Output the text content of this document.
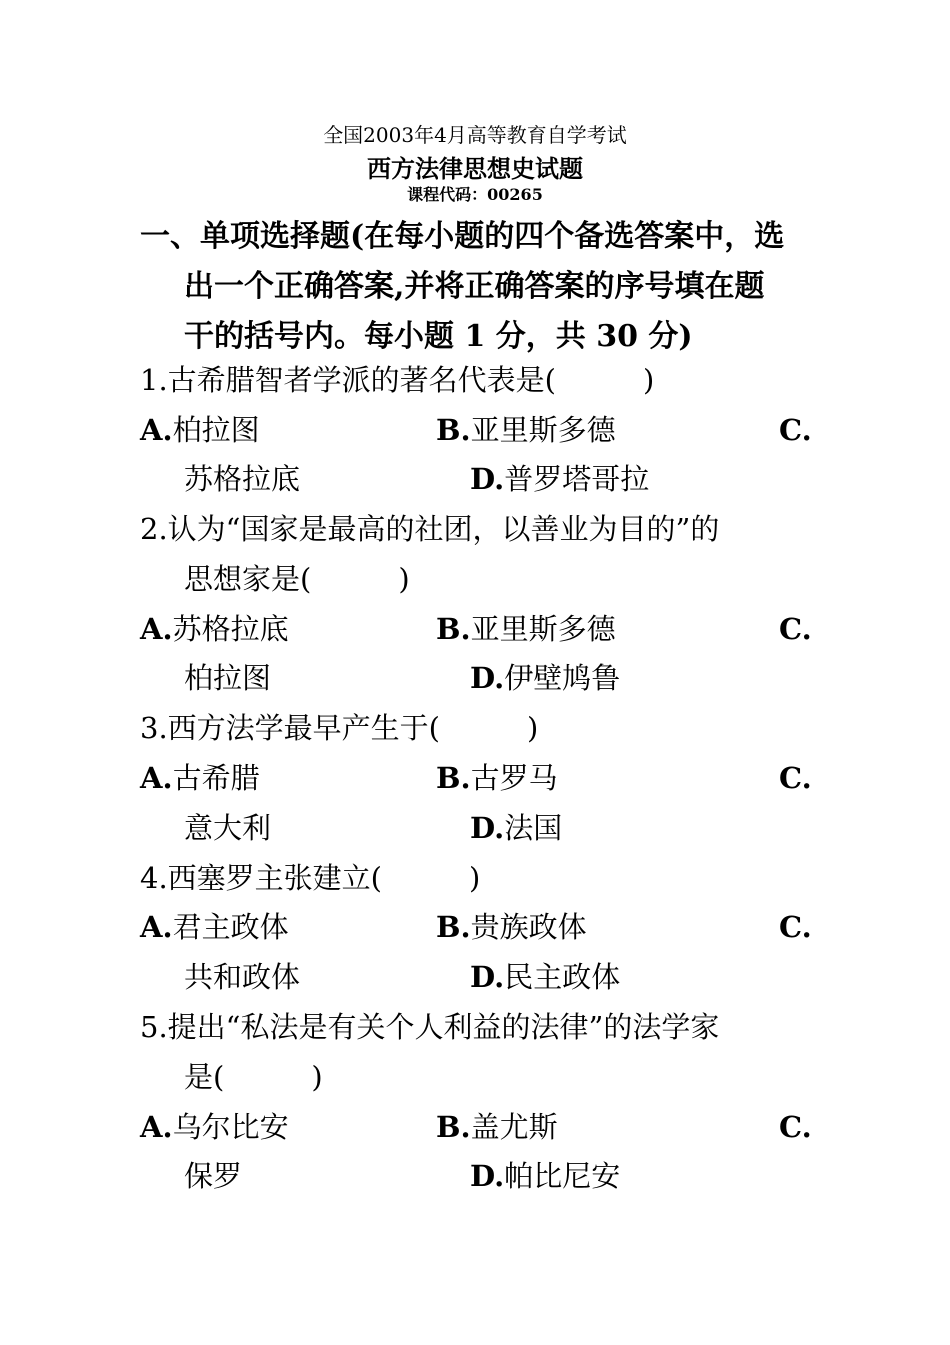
全国2003年4月高等教育自学考试
西方法律思想史试题
课程代码：00265
一、单项选择题(在每小题的四个备选答案中，选
出一个正确答案,并将正确答案的序号填在题
干的括号内。每小题 1 分，共 30 分)
1.古希腊智者学派的著名代表是(　　　)
A.柏拉图	B.亚里斯多德	C.
苏格拉底	D.普罗塔哥拉
2.认为“国家是最高的社团，以善业为目的”的
思想家是(　　　)
A.苏格拉底	B.亚里斯多德	C.
柏拉图	D.伊壁鸠鲁
3.西方法学最早产生于(　　　)
A.古希腊	B.古罗马	C.
意大利	D.法国
4.西塞罗主张建立(　　　)
A.君主政体	B.贵族政体	C.
共和政体	D.民主政体
5.提出“私法是有关个人利益的法律”的法学家
是(　　　)
A.乌尔比安	B.盖尤斯	C.
保罗	D.帕比尼安
